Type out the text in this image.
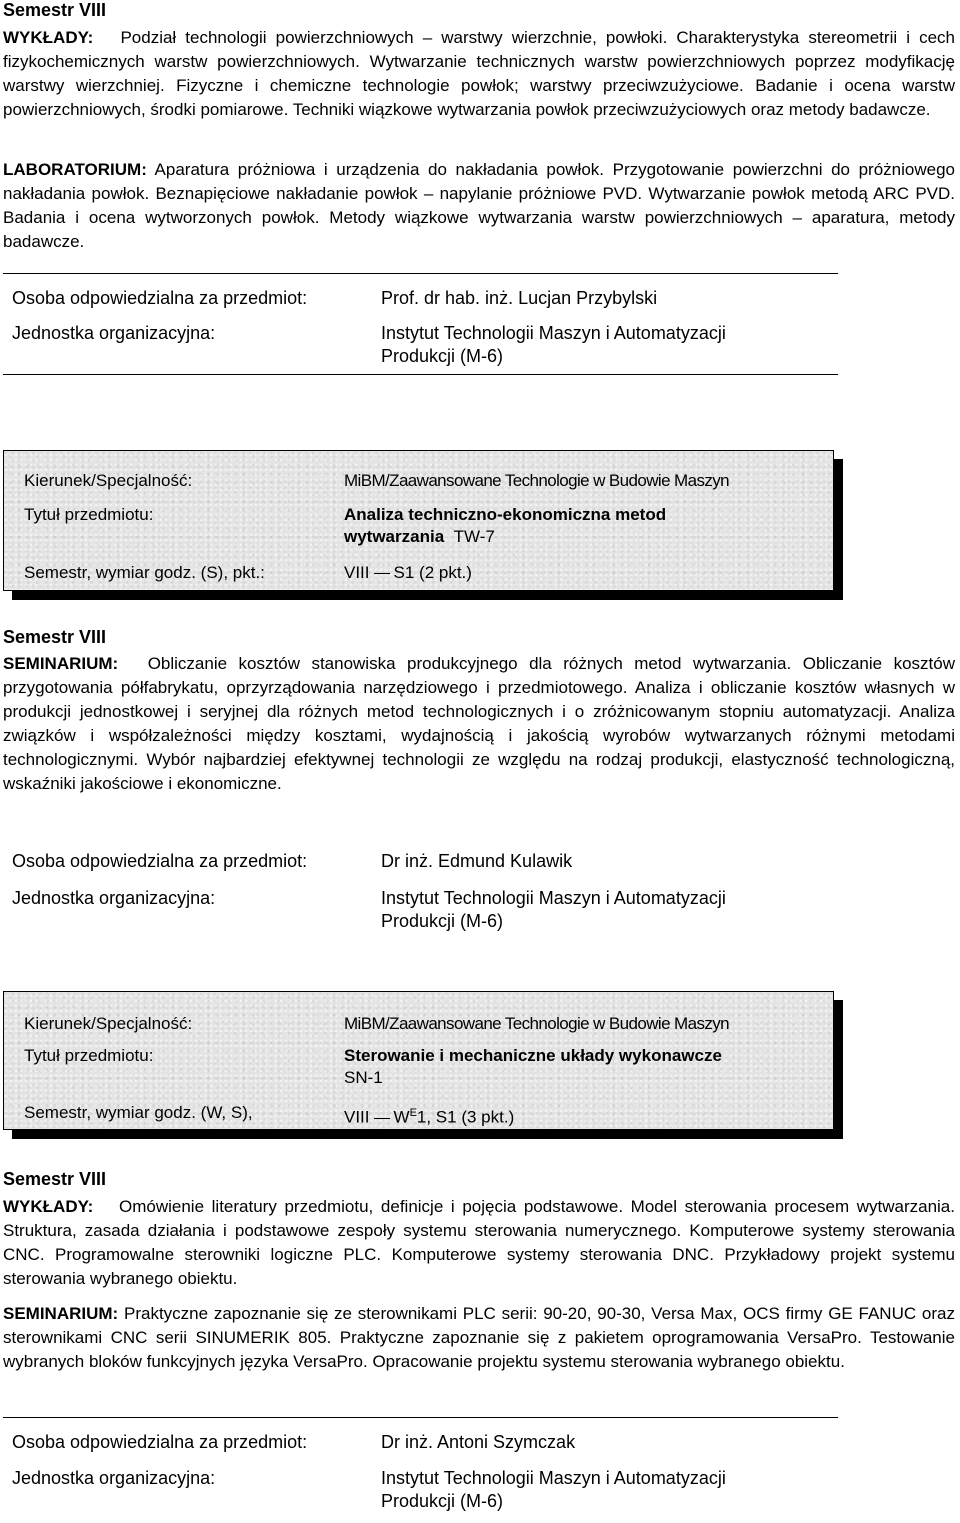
Semestr VIII
WYKŁADY: Podział technologii powierzchniowych – warstwy wierzchnie, powłoki. Charakterystyka stereometrii i cech fizykochemicznych warstw powierzchniowych. Wytwarzanie technicznych warstw powierzchniowych poprzez modyfikację warstwy wierzchniej. Fizyczne i chemiczne technologie powłok; warstwy przeciwzużyciowe. Badanie i ocena warstw powierzchniowych, środki pomiarowe. Techniki wiązkowe wytwarzania powłok przeciwzużyciowych oraz metody badawcze.
LABORATORIUM: Aparatura próżniowa i urządzenia do nakładania powłok. Przygotowanie powierzchni do próżniowego nakładania powłok. Beznapięciowe nakładanie powłok – napylanie próżniowe PVD. Wytwarzanie powłok metodą ARC PVD. Badania i ocena wytworzonych powłok. Metody wiązkowe wytwarzania warstw powierzchniowych – aparatura, metody badawcze.
Osoba odpowiedzialna za przedmiot:	Prof. dr hab. inż. Lucjan Przybylski
Jednostka organizacyjna:	Instytut Technologii Maszyn i Automatyzacji
Produkcji (M-6)
Kierunek/Specjalność:	MiBM/Zaawansowane Technologie w Budowie Maszyn
Tytuł przedmiotu:	Analiza techniczno-ekonomiczna metod
wytwarzania TW-7
Semestr, wymiar godz. (S), pkt.:	VIII S1 (2 pkt.)
Semestr VIII
SEMINARIUM: Obliczanie kosztów stanowiska produkcyjnego dla różnych metod wytwarzania. Obliczanie kosztów przygotowania półfabrykatu, oprzyrządowania narzędziowego i przedmiotowego. Analiza i obliczanie kosztów własnych w produkcji jednostkowej i seryjnej dla różnych metod technologicznych i o zróżnicowanym stopniu automatyzacji. Analiza związków i współzależności między kosztami, wydajnością i jakością wyrobów wytwarzanych różnymi metodami technologicznymi. Wybór najbardziej efektywnej technologii ze względu na rodzaj produkcji, elastyczność technologiczną, wskaźniki jakościowe i ekonomiczne.
Osoba odpowiedzialna za przedmiot:	Dr inż. Edmund Kulawik
Jednostka organizacyjna:	Instytut Technologii Maszyn i Automatyzacji
Produkcji (M-6)
Kierunek/Specjalność:	MiBM/Zaawansowane Technologie w Budowie Maszyn
Tytuł przedmiotu:	Sterowanie i mechaniczne układy wykonawcze
SN-1
Semestr, wymiar godz. (W, S),	VIII $W^E1$, S1 (3 pkt.)
Semestr VIII
WYKŁADY: Omówienie literatury przedmiotu, definicje i pojęcia podstawowe. Model sterowania procesem wytwarzania. Struktura, zasada działania i podstawowe zespoły systemu sterowania numerycznego. Komputerowe systemy sterowania CNC. Programowalne sterowniki logiczne PLC. Komputerowe systemy sterowania DNC. Przykładowy projekt systemu sterowania wybranego obiektu.
SEMINARIUM: Praktyczne zapoznanie się ze sterownikami PLC serii: 90-20, 90-30, Versa Max, OCS firmy GE FANUC oraz sterownikami CNC serii SINUMERIK 805. Praktyczne zapoznanie się z pakietem oprogramowania VersaPro. Testowanie wybranych bloków funkcyjnych języka VersaPro. Opracowanie projektu systemu sterowania wybranego obiektu.
Osoba odpowiedzialna za przedmiot:	Dr inż. Antoni Szymczak
Jednostka organizacyjna:	Instytut Technologii Maszyn i Automatyzacji
Produkcji (M-6)
